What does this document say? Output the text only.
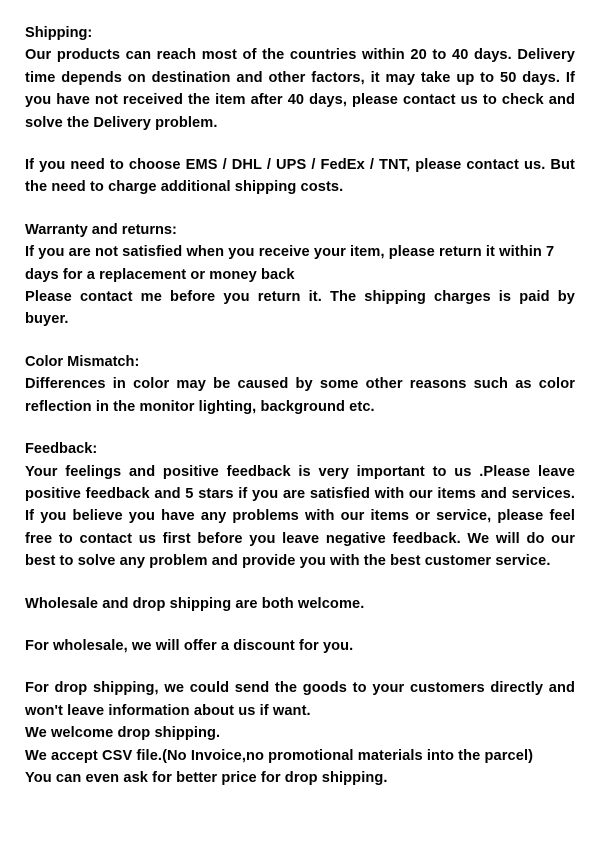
Shipping:

Our products can reach most of the countries within 20 to 40 days. Delivery time depends on destination and other factors, it may take up to 50 days. If you have not received the item after 40 days, please contact us to check and solve the Delivery problem.

If you need to choose EMS / DHL / UPS / FedEx / TNT, please contact us. But the need to charge additional shipping costs.

Warranty and returns:

If you are not satisfied when you receive your item, please return it within 7 days for a replacement or money back

Please contact me before you return it. The shipping charges is paid by buyer.

Color Mismatch:

Differences in color may be caused by some other reasons such as color reflection in the monitor lighting, background etc.

Feedback:

Your feelings and positive feedback is very important to us .Please leave positive feedback and 5 stars if you are satisfied with our items and services. If you believe you have any problems with our items or service, please feel free to contact us first before you leave negative feedback. We will do our best to solve any problem and provide you with the best customer service.

Wholesale and drop shipping are both welcome.

For wholesale, we will offer a discount for you.

For drop shipping, we could send the goods to your customers directly and won't leave information about us if want.

We welcome drop shipping.

We accept CSV file.(No Invoice,no promotional materials into the parcel)

You can even ask for better price for drop shipping.
